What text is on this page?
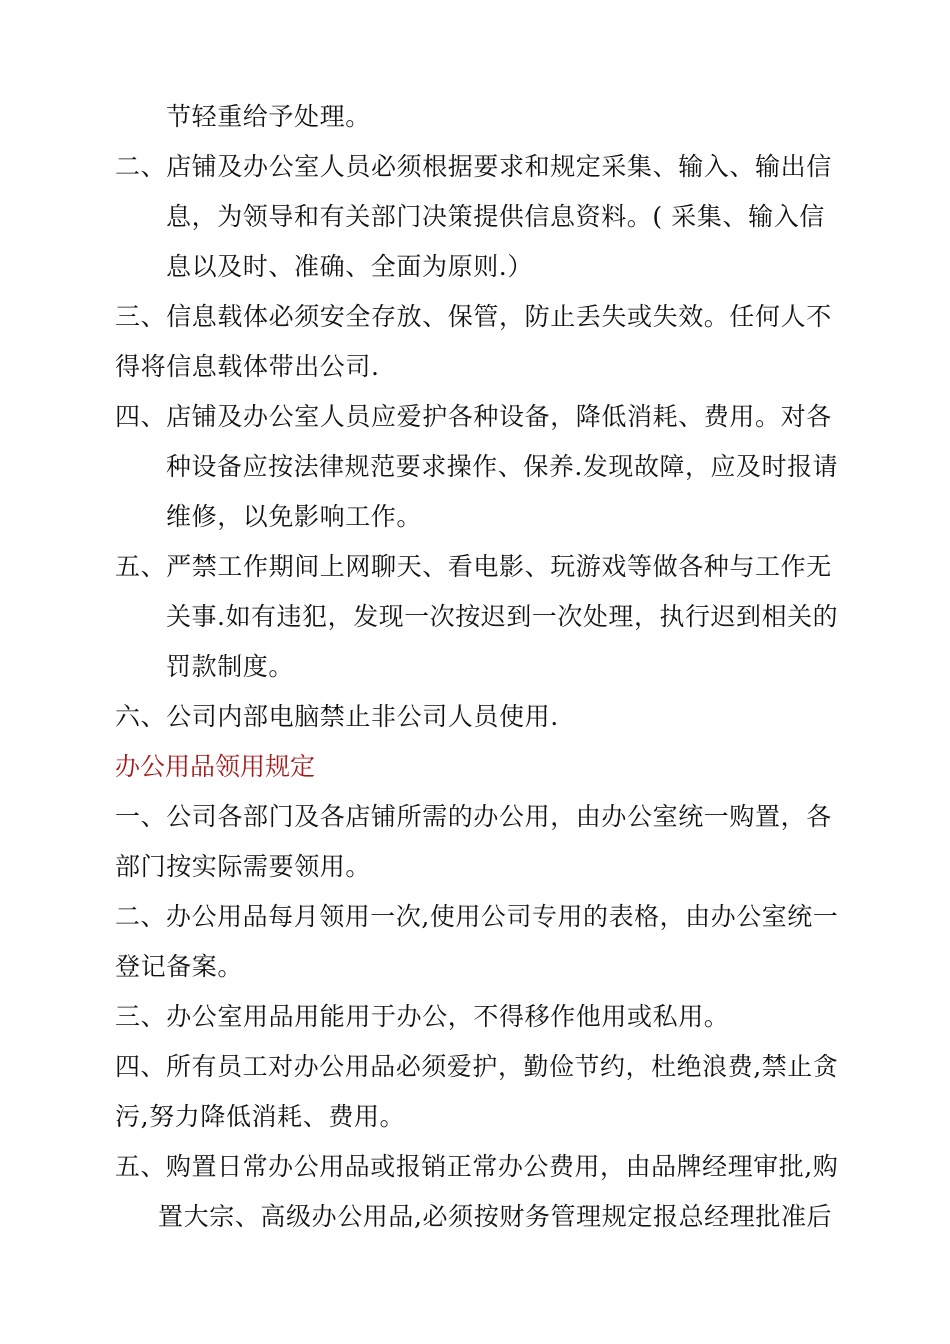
节轻重给予处理。
二、店铺及办公室人员必须根据要求和规定采集、输入、输出信
息，为领导和有关部门决策提供信息资料。( 采集、输入信
息以及时、准确、全面为原则.）
三、信息载体必须安全存放、保管，防止丢失或失效。任何人不
得将信息载体带出公司.
四、店铺及办公室人员应爱护各种设备，降低消耗、费用。对各
种设备应按法律规范要求操作、保养.发现故障，应及时报请
维修，以免影响工作。
五、严禁工作期间上网聊天、看电影、玩游戏等做各种与工作无
关事.如有违犯，发现一次按迟到一次处理，执行迟到相关的
罚款制度。
六、公司内部电脑禁止非公司人员使用.
办公用品领用规定
一、公司各部门及各店铺所需的办公用，由办公室统一购置，各
部门按实际需要领用。
二、办公用品每月领用一次,使用公司专用的表格，由办公室统一
登记备案。
三、办公室用品用能用于办公，不得移作他用或私用。
四、所有员工对办公用品必须爱护，勤俭节约，杜绝浪费,禁止贪
污,努力降低消耗、费用。
五、购置日常办公用品或报销正常办公费用，由品牌经理审批,购
置大宗、高级办公用品,必须按财务管理规定报总经理批准后
